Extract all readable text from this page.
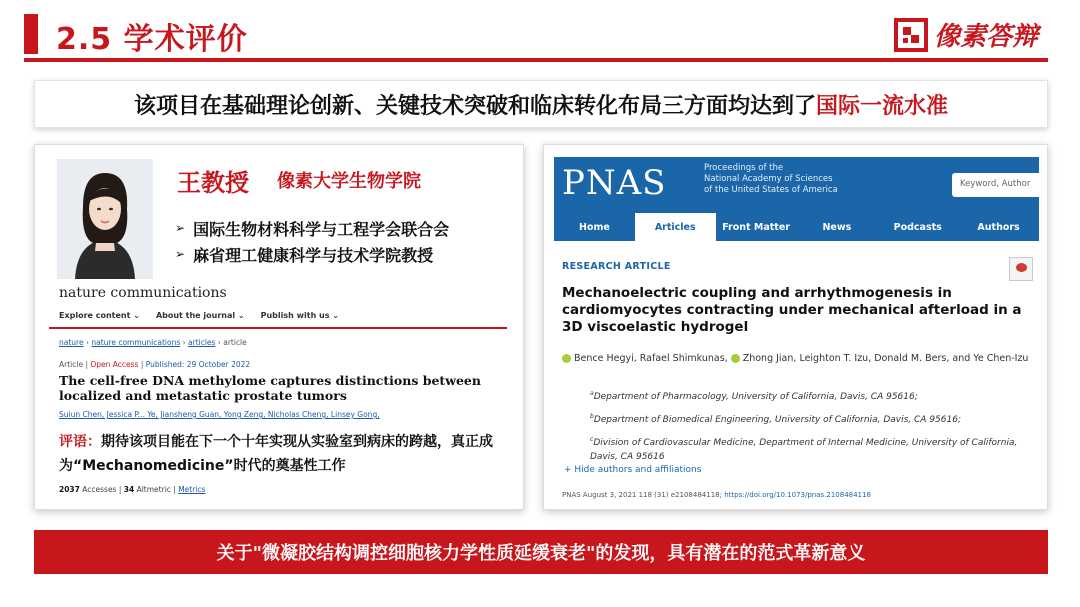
2.5 学术评价	像素答辩
该项目在基础理论创新、关键技术突破和临床转化布局三方面均达到了国际一流水准
王教授 像素大学生物学院
➢ 国际生物材料科学与工程学会联合会
➢ 麻省理工健康科学与技术学院教授
nature communications
Explore content ⌄ About the journal ⌄ Publish with us ⌄
nature › nature communications › articles › article
Article | Open Access | Published: 29 October 2022
The cell-free DNA methylome captures distinctions between localized and metastatic prostate tumors
Suiun Chen, Jessica P... Ye, Jiansheng Guan, Yong Zeng, Nicholas Cheng, Linsey Gong,
评语：期待该项目能在下一个十年实现从实验室到病床的跨越，真正成为“Mechanomedicine”时代的奠基性工作
2037 Accesses | 34 Altmetric | Metrics
PNAS	Proceedings of the
National Academy of Sciences
of the United States of America
Keyword, Author
Home	Articles	Front Matter	News	Podcasts	Authors
RESEARCH ARTICLE
Mechanoelectric coupling and arrhythmogenesis in cardiomyocytes contracting under mechanical afterload in a 3D viscoelastic hydrogel
Bence Hegyi, Rafael Shimkunas, Zhong Jian, Leighton T. Izu, Donald M. Bers, and Ye Chen-Izu

$^a$Department of Pharmacology, University of California, Davis, CA 95616;

$^b$Department of Biomedical Engineering, University of California, Davis, CA 95616;

$^c$Division of Cardiovascular Medicine, Department of Internal Medicine, University of California, Davis, CA 95616

+ Hide authors and affiliations
PNAS August 3, 2021 118 (31) e2108484118; https://doi.org/10.1073/pnas.2108484118
关于"微凝胶结构调控细胞核力学性质延缓衰老"的发现，具有潜在的范式革新意义
